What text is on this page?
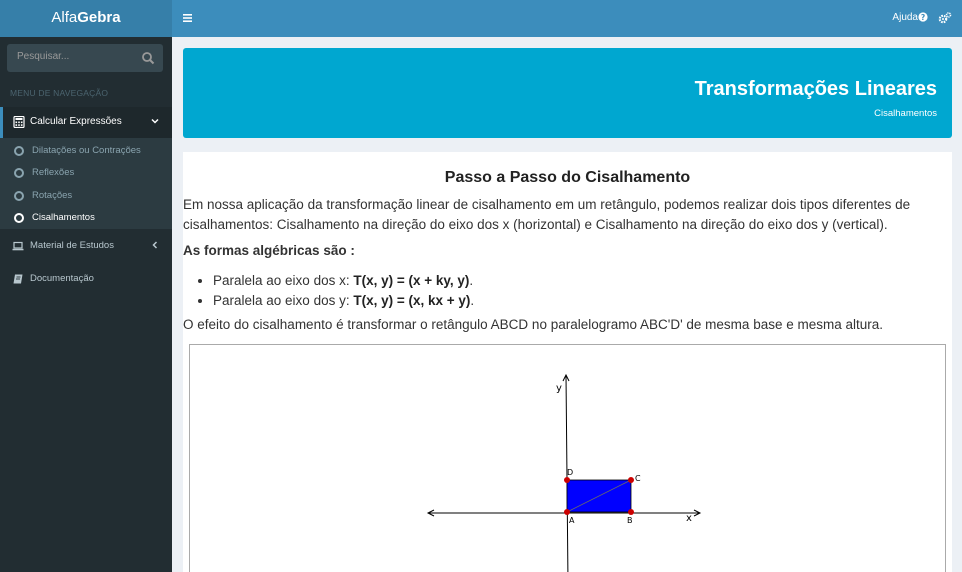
AlfaGebra
Pesquisar...
MENU DE NAVEGAÇÃO
Calcular Expressões
Dilatações ou Contrações
Reflexões
Rotações
Cisalhamentos
Material de Estudos
Documentação
Ajuda ?
Transformações Lineares
Cisalhamentos
Passo a Passo do Cisalhamento

Em nossa aplicação da transformação linear de cisalhamento em um retângulo, podemos realizar dois tipos diferentes de cisalhamentos: Cisalhamento na direção do eixo dos x (horizontal) e Cisalhamento na direção do eixo dos y (vertical).

As formas algébricas são :
• Paralela ao eixo dos x: T(x, y) = (x + ky, y).
• Paralela ao eixo dos y: T(x, y) = (x, kx + y).

O efeito do cisalhamento é transformar o retângulo ABCD no paralelogramo ABC'D' de mesma base e mesma altura.

y
x
A	B
C
D
